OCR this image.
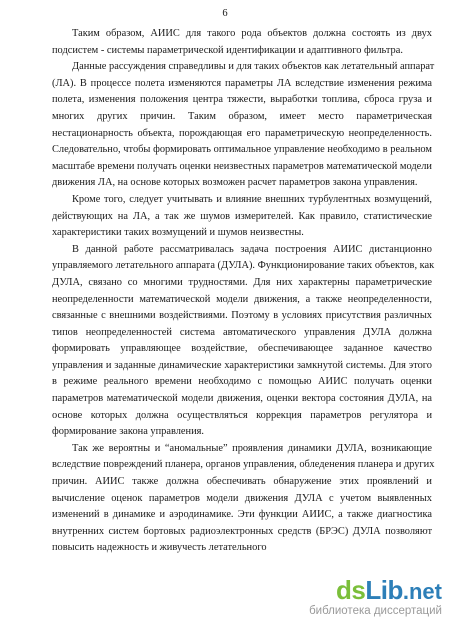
6

Таким образом, АИИС для такого рода объектов должна состоять из двух

подсистем - системы параметрической идентификации и адаптивного фильтра.

Данные рассуждения справедливы и для таких объектов как летательный аппарат

(ЛА). В процессе полета изменяются параметры ЛА вследствие изменения режима

полета, изменения положения центра тяжести, выработки топлива, сброса груза и

многих других причин. Таким образом, имеет место параметрическая

нестационарность объекта, порождающая его параметрическую неопределенность.

Следовательно, чтобы формировать оптимальное управление необходимо в реальном

масштабе времени получать оценки неизвестных параметров математической модели

движения ЛА, на основе которых возможен расчет параметров закона управления.

Кроме того, следует учитывать и влияние внешних турбулентных возмущений,

действующих на ЛА, а так же шумов измерителей. Как правило, статистические

характеристики таких возмущений и шумов неизвестны.

В данной работе рассматривалась задача построения АИИС дистанционно

управляемого летательного аппарата (ДУЛА). Функционирование таких объектов, как

ДУЛА, связано со многими трудностями. Для них характерны параметрические

неопределенности математической модели движения, а также неопределенности,

связанные с внешними воздействиями. Поэтому в условиях присутствия различных

типов неопределенностей система автоматического управления ДУЛА должна

формировать управляющее воздействие, обеспечивающее заданное качество

управления и заданные динамические характеристики замкнутой системы. Для этого

в режиме реального времени необходимо с помощью АИИС получать оценки

параметров математической модели движения, оценки вектора состояния ДУЛА, на

основе которых должна осуществляться коррекция параметров регулятора и

формирование закона управления.

Так же вероятны и “аномальные” проявления динамики ДУЛА, возникающие

вследствие повреждений планера, органов управления, обледенения планера и других

причин. АИИС также должна обеспечивать обнаружение этих проявлений и

вычисление оценок параметров модели движения ДУЛА с учетом выявленных

изменений в динамике и аэродинамике. Эти функции АИИС, а также диагностика

внутренних систем бортовых радиоэлектронных средств (БРЭС) ДУЛА позволяют

повысить надежность и живучесть летательного

ds Lib .net
библиотека диссертаций
